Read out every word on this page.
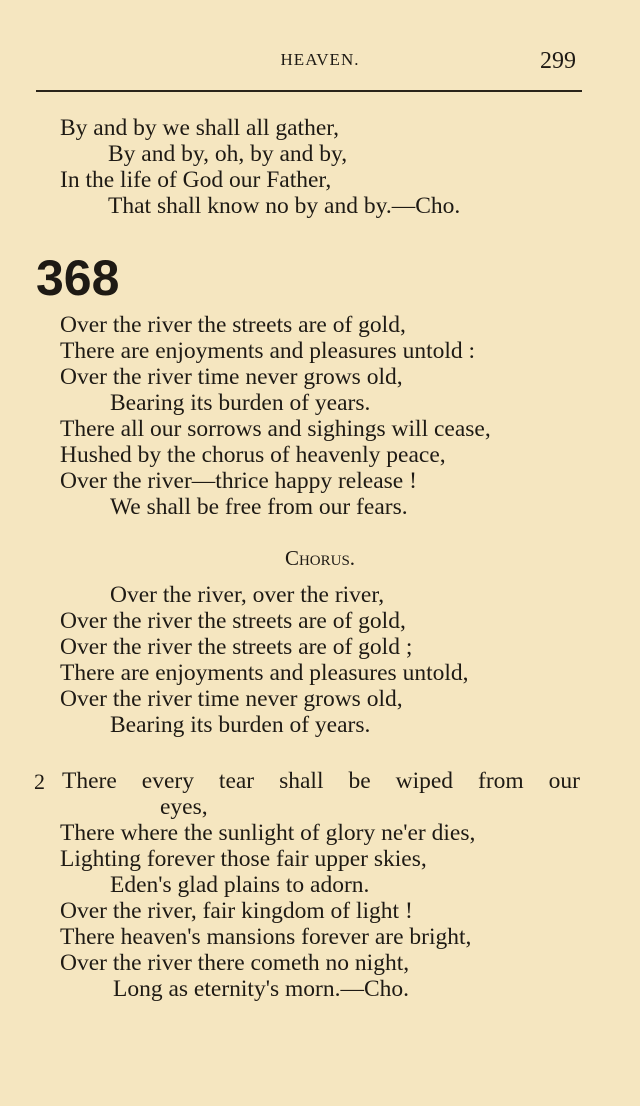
HEAVEN.	299
By and by we shall all gather,
By and by, oh, by and by,
In the life of God our Father,
That shall know no by and by.—Cho.
368
Over the river the streets are of gold,
There are enjoyments and pleasures untold :
Over the river time never grows old,
Bearing its burden of years.
There all our sorrows and sighings will cease,
Hushed by the chorus of heavenly peace,
Over the river—thrice happy release !
We shall be free from our fears.
Chorus.
Over the river, over the river,
Over the river the streets are of gold,
Over the river the streets are of gold ;
There are enjoyments and pleasures untold,
Over the river time never grows old,
Bearing its burden of years.
2 There every tear shall be wiped from our
eyes,
There where the sunlight of glory ne'er dies,
Lighting forever those fair upper skies,
Eden's glad plains to adorn.
Over the river, fair kingdom of light !
There heaven's mansions forever are bright,
Over the river there cometh no night,
Long as eternity's morn.—Cho.
